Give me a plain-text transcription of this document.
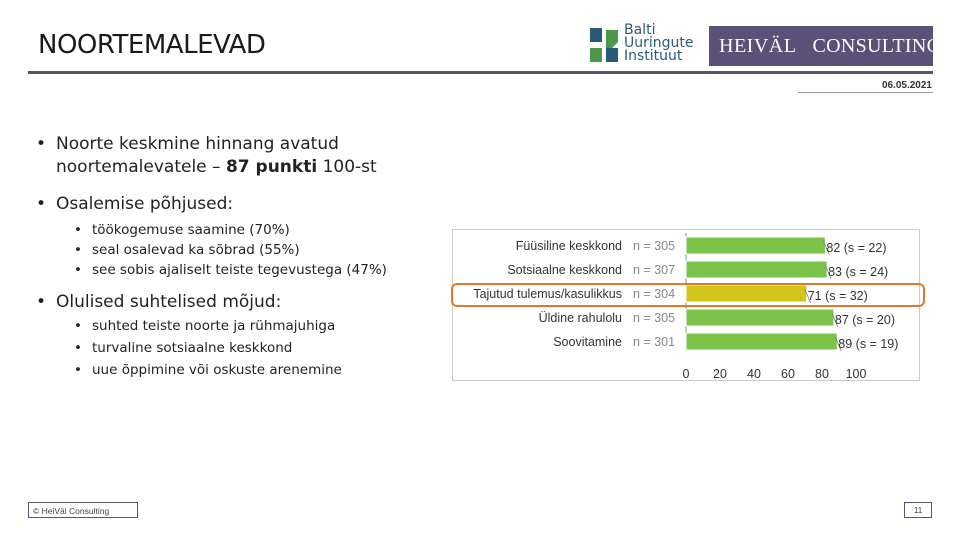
NOORTEMALEVAD	Balti
Uuringute
Instituut	HEIVÄL CONSULTING
06.05.2021
• Noorte keskmine hinnang avatud noortemalevatele – 87 punkti 100-st
• Osalemise põhjused:
• töökogemuse saamine (70%)
• seal osalevad ka sõbrad (55%)
• see sobis ajaliselt teiste tegevustega (47%)
• Olulised suhtelised mõjud:
• suhted teiste noorte ja rühmajuhiga
• turvaline sotsiaalne keskkond
• uue õppimine või oskuste arenemine
Füüsiline keskkond n = 305	82 (s = 22)
Sotsiaalne keskkond n = 307	83 (s = 24)
Tajutud tulemus/kasulikkus n = 304	71 (s = 32)
Üldine rahulolu n = 305	87 (s = 20)
Soovitamine n = 301	89 (s = 19)
0 20 40 60 80 100
© HeiVäl Consulting	11
